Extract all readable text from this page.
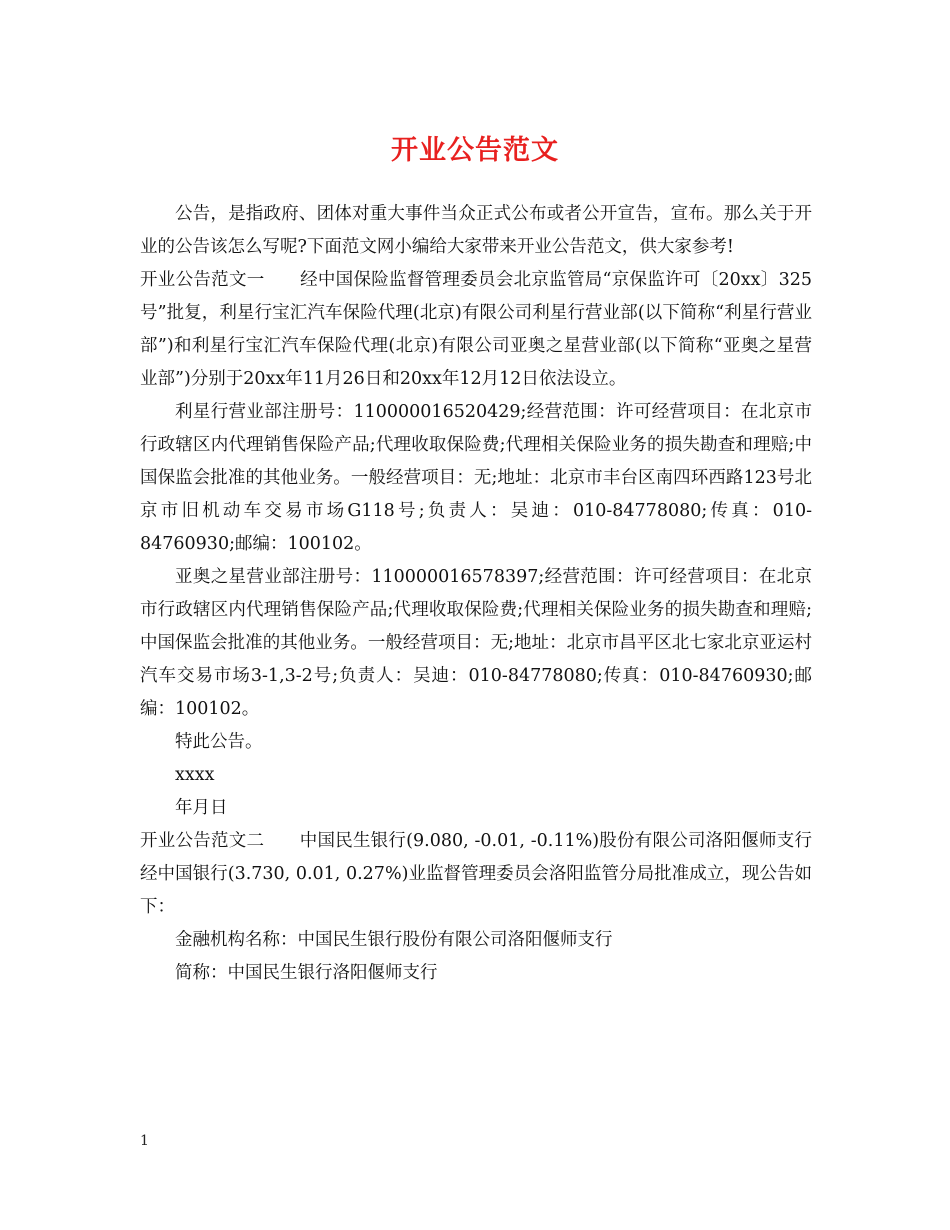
开业公告范文

公告，是指政府、团体对重大事件当众正式公布或者公开宣告，宣布。那么关于开业的公告该怎么写呢?下面范文网小编给大家带来开业公告范文，供大家参考!

开业公告范文一　　经中国保险监督管理委员会北京监管局“京保监许可〔20xx〕325号”批复，利星行宝汇汽车保险代理(北京)有限公司利星行营业部(以下简称“利星行营业部”)和利星行宝汇汽车保险代理(北京)有限公司亚奥之星营业部(以下简称“亚奥之星营业部”)分别于20xx年11月26日和20xx年12月12日依法设立。

利星行营业部注册号：110000016520429;经营范围：许可经营项目：在北京市行政辖区内代理销售保险产品;代理收取保险费;代理相关保险业务的损失勘查和理赔;中国保监会批准的其他业务。一般经营项目：无;地址：北京市丰台区南四环西路123号北京市旧机动车交易市场G118号;负责人：吴迪：010-84778080;传真：010-84760930;邮编：100102。

亚奥之星营业部注册号：110000016578397;经营范围：许可经营项目：在北京市行政辖区内代理销售保险产品;代理收取保险费;代理相关保险业务的损失勘查和理赔;中国保监会批准的其他业务。一般经营项目：无;地址：北京市昌平区北七家北京亚运村汽车交易市场3-1,3-2号;负责人：吴迪：010-84778080;传真：010-84760930;邮编：100102。

特此公告。

xxxx

年月日

开业公告范文二　　中国民生银行(9.080, -0.01, -0.11%)股份有限公司洛阳偃师支行经中国银行(3.730, 0.01, 0.27%)业监督管理委员会洛阳监管分局批准成立，现公告如下：

金融机构名称：中国民生银行股份有限公司洛阳偃师支行

简称：中国民生银行洛阳偃师支行

1
